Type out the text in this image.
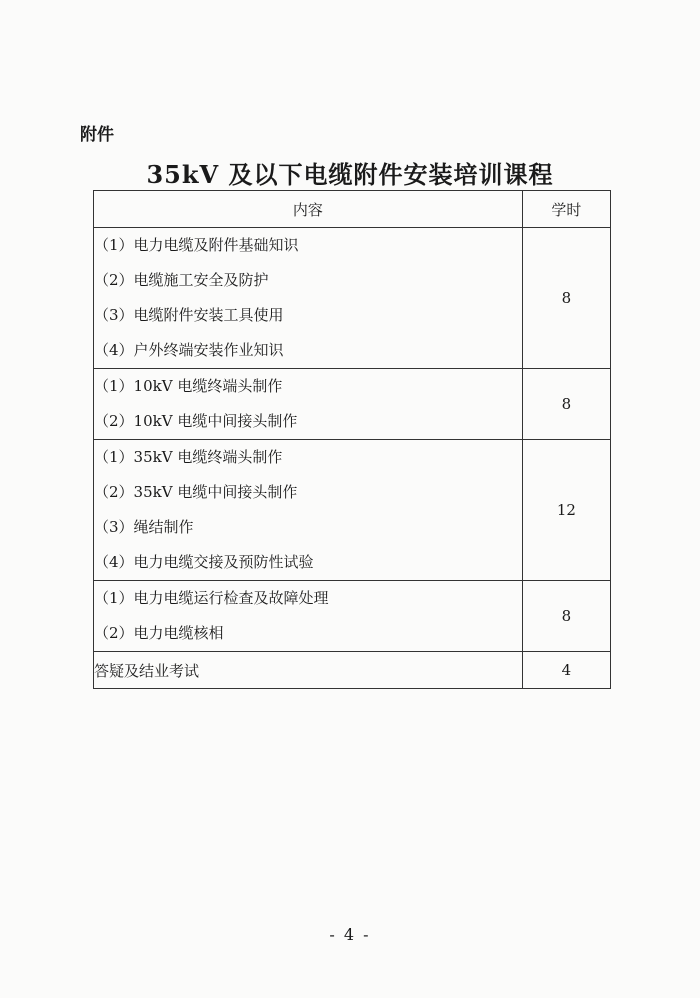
附件
35kV 及以下电缆附件安装培训课程
内容	学时

（1）电力电缆及附件基础知识
（2）电缆施工安全及防护
（3）电缆附件安装工具使用
（4）户外终端安装作业知识	8

（1）10kV 电缆终端头制作
（2）10kV 电缆中间接头制作	8

（1）35kV 电缆终端头制作
（2）35kV 电缆中间接头制作
（3）绳结制作
（4）电力电缆交接及预防性试验	12

（1）电力电缆运行检查及故障处理
（2）电力电缆核相	8
答疑及结业考试	4
- 4 -
